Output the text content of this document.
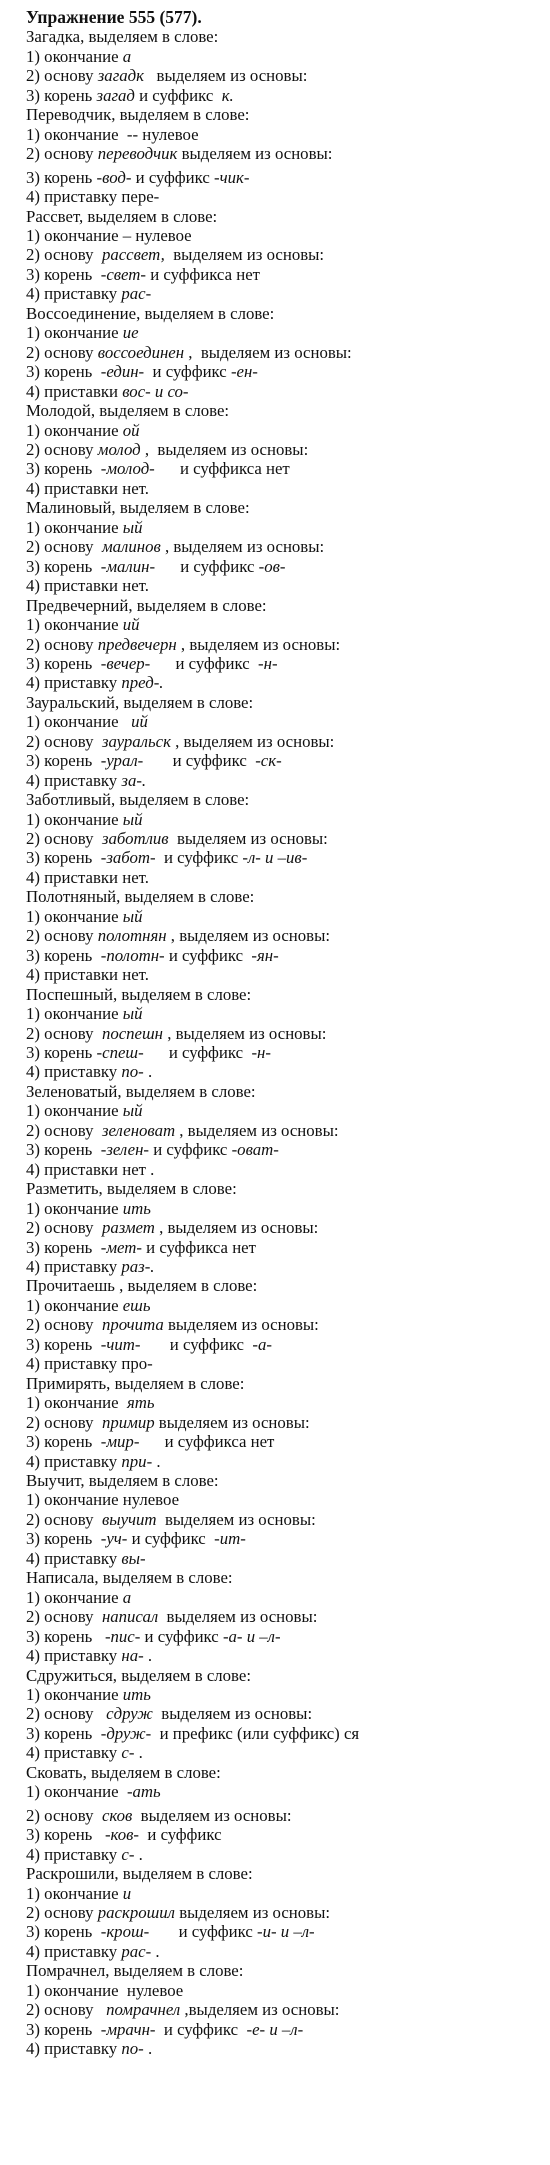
Упражнение 555 (577).
Загадка, выделяем в слове:
1) окончание а
2) основу загадк   выделяем из основы:
3) корень загад и суффикс  к.
Переводчик, выделяем в слове:
1) окончание  -- нулевое
2) основу переводчик выделяем из основы:
3) корень -вод- и суффикс -чик-
4) приставку пере-
Рассвет, выделяем в слове:
1) окончание – нулевое
2) основу  рассвет,  выделяем из основы:
3) корень  -свет- и суффикса нет
4) приставку рас-
Воссоединение, выделяем в слове:
1) окончание ие
2) основу воссоединен ,  выделяем из основы:
3) корень  -един-  и суффикс -ен-
4) приставки вос- и со-
Молодой, выделяем в слове:
1) окончание ой
2) основу молод ,  выделяем из основы:
3) корень  -молод-      и суффикса нет
4) приставки нет.
Малиновый, выделяем в слове:
1) окончание ый
2) основу  малинов , выделяем из основы:
3) корень  -малин-      и суффикс -ов-
4) приставки нет.
Предвечерний, выделяем в слове:
1) окончание ий
2) основу предвечерн , выделяем из основы:
3) корень  -вечер-      и суффикс  -н-
4) приставку пред-.
Зауральский, выделяем в слове:
1) окончание   ий
2) основу  зауральск , выделяем из основы:
3) корень  -урал-       и суффикс  -ск-
4) приставку за-.
Заботливый, выделяем в слове:
1) окончание ый
2) основу  заботлив  выделяем из основы:
3) корень  -забот-  и суффикс -л- и –ив-
4) приставки нет.
Полотняный, выделяем в слове:
1) окончание ый
2) основу полотнян , выделяем из основы:
3) корень  -полотн- и суффикс  -ян-
4) приставки нет.
Поспешный, выделяем в слове:
1) окончание ый
2) основу  поспешн , выделяем из основы:
3) корень -спеш-      и суффикс  -н-
4) приставку по- .
Зеленоватый, выделяем в слове:
1) окончание ый
2) основу  зеленоват , выделяем из основы:
3) корень  -зелен- и суффикс -оват-
4) приставки нет .
Разметить, выделяем в слове:
1) окончание ить
2) основу  размет , выделяем из основы:
3) корень  -мет- и суффикса нет
4) приставку раз-.
Прочитаешь , выделяем в слове:
1) окончание ешь
2) основу  прочита выделяем из основы:
3) корень  -чит-       и суффикс  -а-
4) приставку про-
Примирять, выделяем в слове:
1) окончание  ять
2) основу  примир выделяем из основы:
3) корень  -мир-      и суффикса нет
4) приставку при- .
Выучит, выделяем в слове:
1) окончание нулевое
2) основу  выучит  выделяем из основы:
3) корень  -уч- и суффикс  -ит-
4) приставку вы-
Написала, выделяем в слове:
1) окончание а
2) основу  написал  выделяем из основы:
3) корень   -пис- и суффикс -а- и –л-
4) приставку на- .
Сдружиться, выделяем в слове:
1) окончание ить
2) основу   сдруж  выделяем из основы:
3) корень  -друж-  и префикс (или суффикс) ся
4) приставку с- .
Сковать, выделяем в слове:
1) окончание  -ать
2) основу  сков  выделяем из основы:
3) корень   -ков-  и суффикс
4) приставку с- .
Раскрошили, выделяем в слове:
1) окончание и
2) основу раскрошил выделяем из основы:
3) корень  -крош-       и суффикс -и- и –л-
4) приставку рас- .
Помрачнел, выделяем в слове:
1) окончание  нулевое
2) основу   помрачнел ,выделяем из основы:
3) корень  -мрачн-  и суффикс  -е- и –л-
4) приставку по- .
